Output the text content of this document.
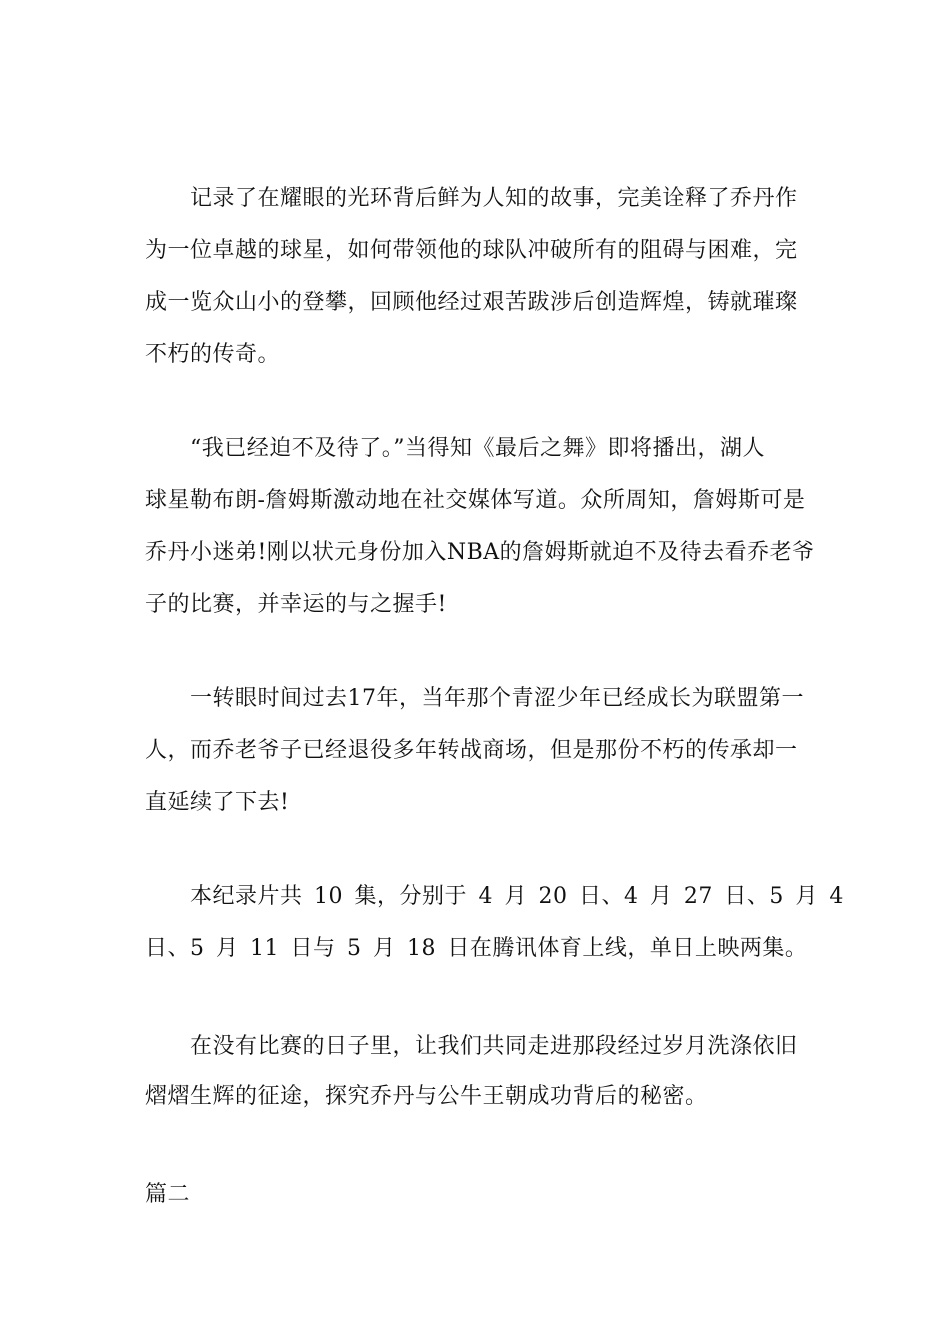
记录了在耀眼的光环背后鲜为人知的故事，完美诠释了乔丹作
为一位卓越的球星，如何带领他的球队冲破所有的阻碍与困难，完
成一览众山小的登攀，回顾他经过艰苦跋涉后创造辉煌，铸就璀璨
不朽的传奇。
“我已经迫不及待了。”当得知《最后之舞》即将播出，湖人
球星勒布朗-詹姆斯激动地在社交媒体写道。众所周知，詹姆斯可是
乔丹小迷弟!刚以状元身份加入NBA的詹姆斯就迫不及待去看乔老爷
子的比赛，并幸运的与之握手!
一转眼时间过去17年，当年那个青涩少年已经成长为联盟第一
人，而乔老爷子已经退役多年转战商场，但是那份不朽的传承却一
直延续了下去!
本纪录片共 10 集，分别于 4 月 20 日、4 月 27 日、5 月 4
日、5 月 11 日与 5 月 18 日在腾讯体育上线，单日上映两集。
在没有比赛的日子里，让我们共同走进那段经过岁月洗涤依旧
熠熠生辉的征途，探究乔丹与公牛王朝成功背后的秘密。
篇二
